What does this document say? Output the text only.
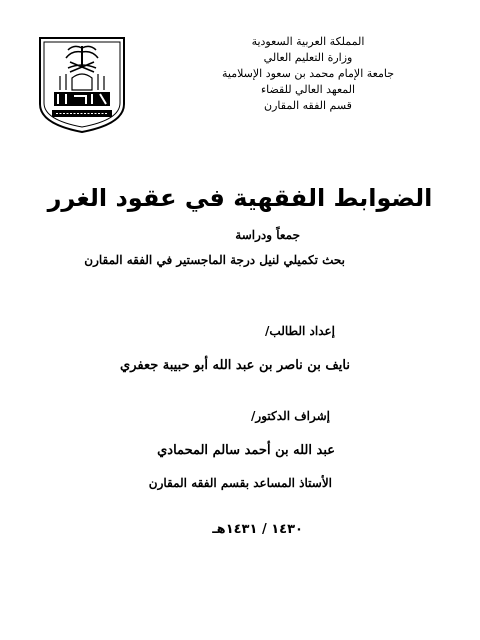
المملكة العربية السعودية
وزارة التعليم العالي
جامعة الإمام محمد بن سعود الإسلامية
المعهد العالي للقضاء
قسم الفقه المقارن
الضوابط الفقهية في عقود الغرر
جمعاً ودراسة
بحث تكميلي لنيل درجة الماجستير في الفقه المقارن
إعداد الطالب/
نايف بن ناصر بن عبد الله أبو حبيبة جعفري
إشراف الدكتور/
عبد الله بن أحمد سالم المحمادي
الأستاذ المساعد بقسم الفقه المقارن
١٤٣٠ / ١٤٣١هـ
